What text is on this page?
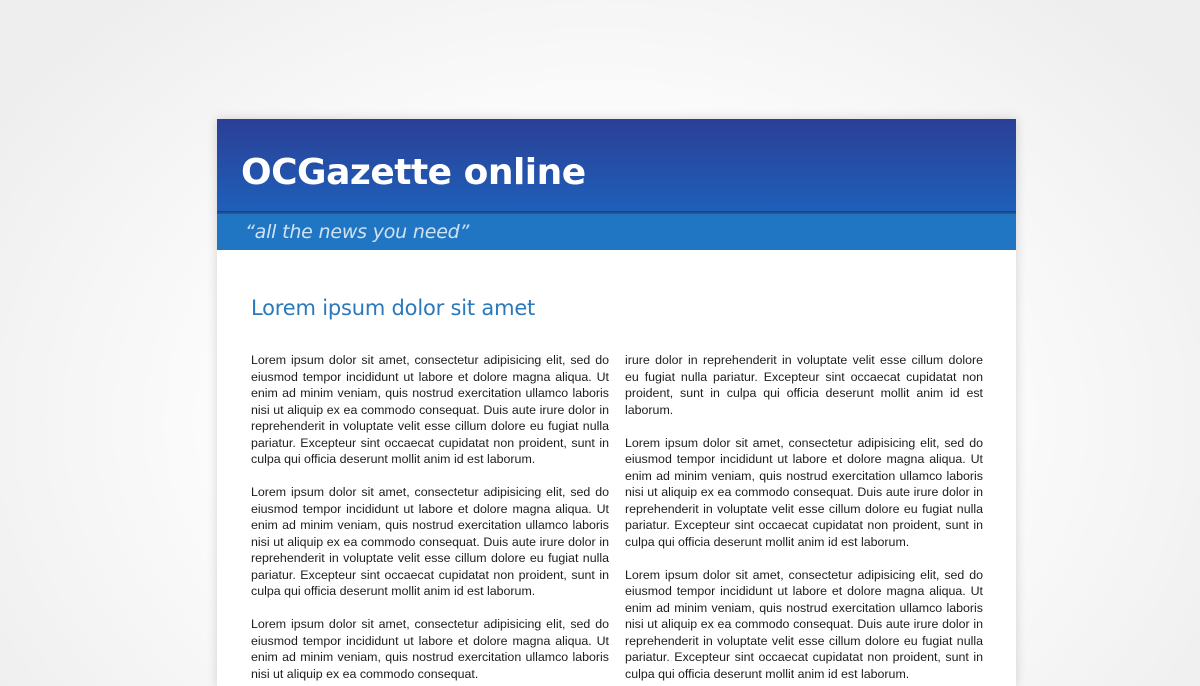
OCGazette online

“all the news you need”

Lorem ipsum dolor sit amet

Lorem ipsum dolor sit amet, consectetur adipisicing elit, sed do eiusmod tempor incididunt ut labore et dolore magna aliqua. Ut enim ad minim veniam, quis nostrud exercitation ullamco laboris nisi ut aliquip ex ea commodo consequat. Duis aute irure dolor in reprehenderit in voluptate velit esse cillum dolore eu fugiat nulla pariatur. Excepteur sint occaecat cupidatat non proident, sunt in culpa qui officia deserunt mollit anim id est laborum.

Lorem ipsum dolor sit amet, consectetur adipisicing elit, sed do eiusmod tempor incididunt ut labore et dolore magna aliqua. Ut enim ad minim veniam, quis nostrud exercitation ullamco laboris nisi ut aliquip ex ea commodo consequat. Duis aute irure dolor in reprehenderit in voluptate velit esse cillum dolore eu fugiat nulla pariatur. Excepteur sint occaecat cupidatat non proident, sunt in culpa qui officia deserunt mollit anim id est laborum.

Lorem ipsum dolor sit amet, consectetur adipisicing elit, sed do eiusmod tempor incididunt ut labore et dolore magna aliqua. Ut enim ad minim veniam, quis nostrud exercitation ullamco laboris nisi ut aliquip ex ea commodo consequat.

irure dolor in reprehenderit in voluptate velit esse cillum dolore eu fugiat nulla pariatur. Excepteur sint occaecat cupidatat non proident, sunt in culpa qui officia deserunt mollit anim id est laborum.

Lorem ipsum dolor sit amet, consectetur adipisicing elit, sed do eiusmod tempor incididunt ut labore et dolore magna aliqua. Ut enim ad minim veniam, quis nostrud exercitation ullamco laboris nisi ut aliquip ex ea commodo consequat. Duis aute irure dolor in reprehenderit in voluptate velit esse cillum dolore eu fugiat nulla pariatur. Excepteur sint occaecat cupidatat non proident, sunt in culpa qui officia deserunt mollit anim id est laborum.

Lorem ipsum dolor sit amet, consectetur adipisicing elit, sed do eiusmod tempor incididunt ut labore et dolore magna aliqua. Ut enim ad minim veniam, quis nostrud exercitation ullamco laboris nisi ut aliquip ex ea commodo consequat. Duis aute irure dolor in reprehenderit in voluptate velit esse cillum dolore eu fugiat nulla pariatur. Excepteur sint occaecat cupidatat non proident, sunt in culpa qui officia deserunt mollit anim id est laborum.
